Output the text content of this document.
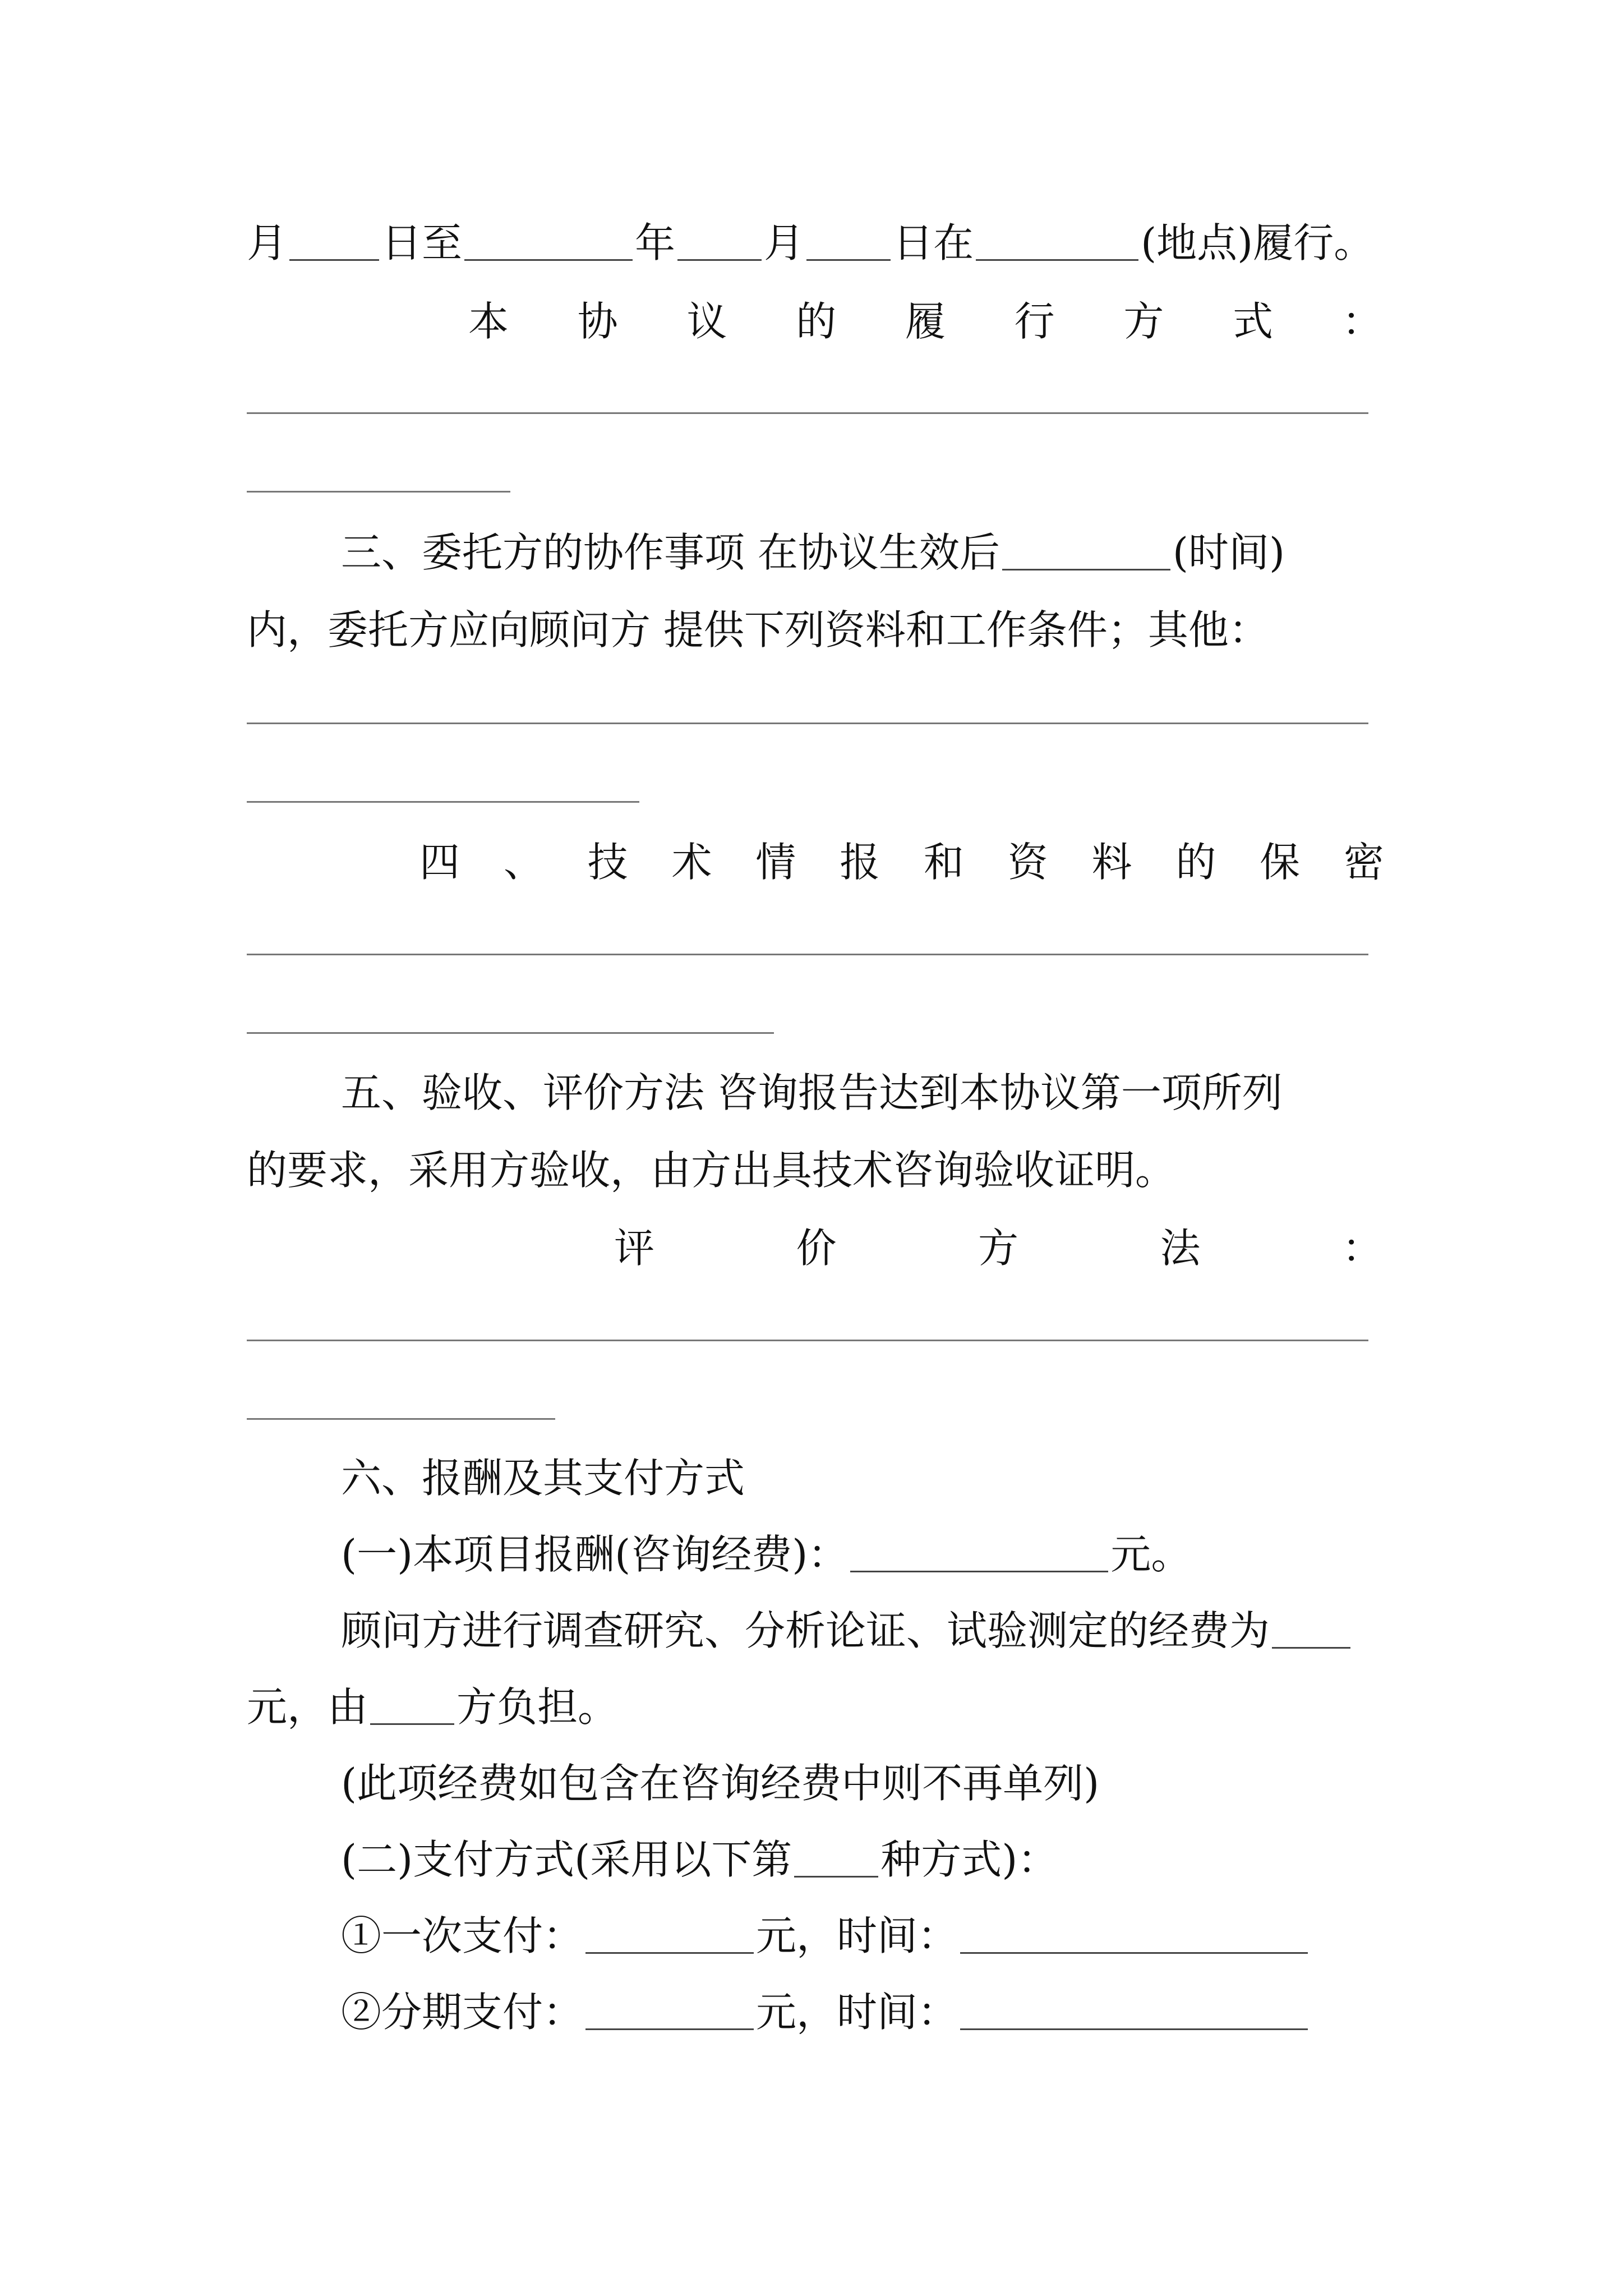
月 日至	年 月 日在	(地点)履行。
本 协 议 的 履 行 方 式 ：
三、委托方的协作事项 在协议生效后	(时间)
内，委托方应向顾问方 提供下列资料和工作条件；其他：
四 、 技 术 情 报 和 资 料 的 保 密
五、验收、评价方法 咨询报告达到本协议第一项所列
的要求，采用方验收，由方出具技术咨询验收证明。
评	价	方	法	：
六、报酬及其支付方式
(一)本项目报酬(咨询经费)：	元。
顾问方进行调查研究、分析论证、试验测定的经费为
元，由 方负担。
(此项经费如包含在咨询经费中则不再单列)
(二)支付方式(采用以下第 种方式)：
①一次支付：	元，时间：
②分期支付：	元，时间：
